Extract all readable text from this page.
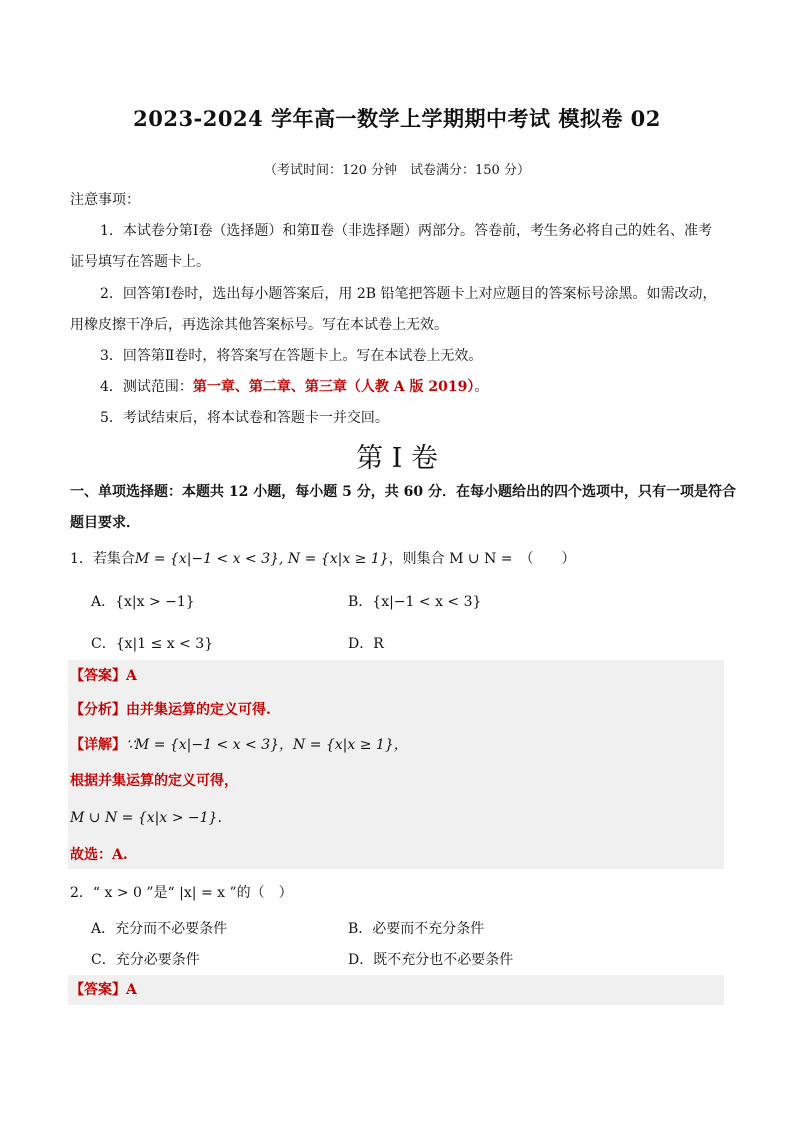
2023-2024 学年高一数学上学期期中考试 模拟卷 02
（考试时间：120 分钟　试卷满分：150 分）
注意事项：
1．本试卷分第Ⅰ卷（选择题）和第Ⅱ卷（非选择题）两部分。答卷前，考生务必将自己的姓名、准考
证号填写在答题卡上。
2．回答第Ⅰ卷时，选出每小题答案后，用 2B 铅笔把答题卡上对应题目的答案标号涂黑。如需改动，
用橡皮擦干净后，再选涂其他答案标号。写在本试卷上无效。
3．回答第Ⅱ卷时，将答案写在答题卡上。写在本试卷上无效。
4．测试范围：第一章、第二章、第三章（人教 A 版 2019）。
5．考试结束后，将本试卷和答题卡一并交回。
第 I 卷
一、单项选择题：本题共 12 小题，每小题 5 分，共 60 分．在每小题给出的四个选项中，只有一项是符合
题目要求．
1．若集合M = {x|−1 < x < 3}, N = {x|x ≥ 1}，则集合 M ∪ N =　（　　）
A．{x|x > −1}	B．{x|−1 < x < 3}
C．{x|1 ≤ x < 3}	D．R
【答案】A
【分析】由并集运算的定义可得.
【详解】∵M = {x|−1 < x < 3}，N = {x|x ≥ 1}，
根据并集运算的定义可得，
M ∪ N = {x|x > −1}.
故选：A.
2．“ x > 0 ”是“ |x| = x ”的（　）
A．充分而不必要条件	B．必要而不充分条件
C．充分必要条件	D．既不充分也不必要条件
【答案】A
